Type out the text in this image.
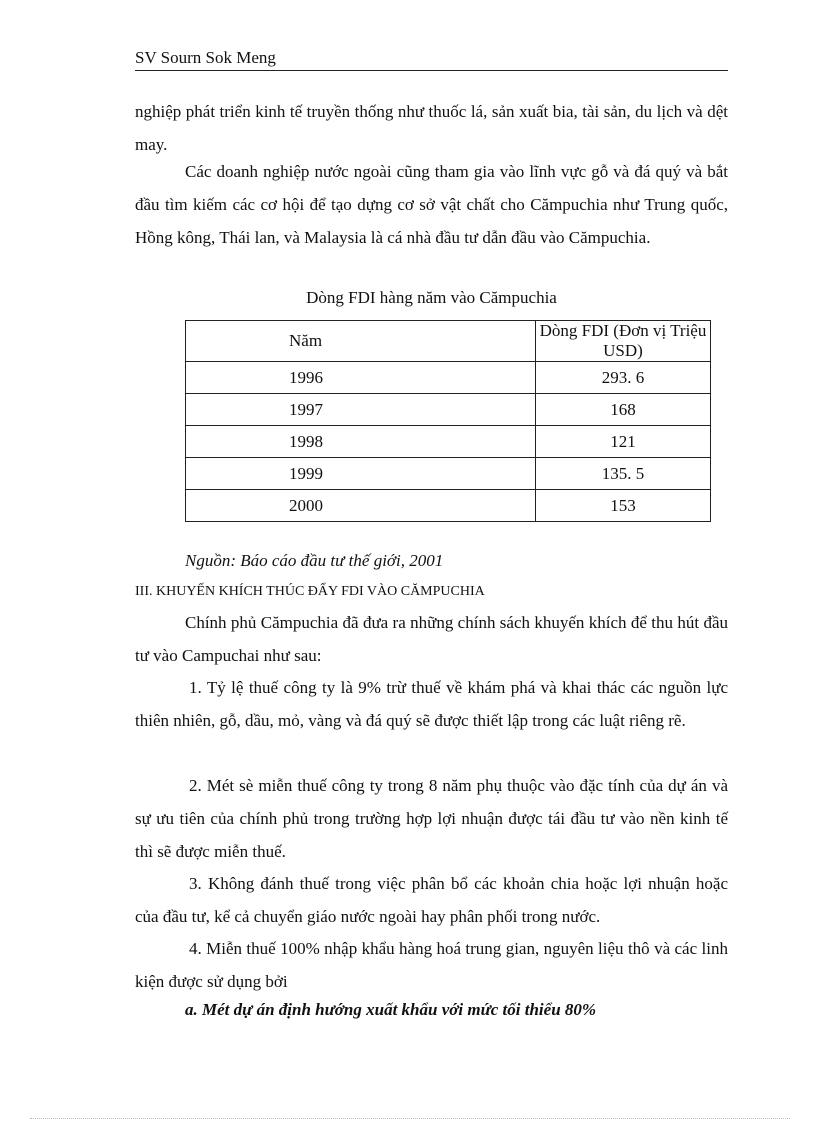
SV Sourn Sok Meng
nghiệp phát triển kinh tế truyền thống như thuốc lá, sản xuất bia, tài sản, du lịch và dệt may.
Các doanh nghiệp nước ngoài cũng tham gia vào lĩnh vực gỗ và đá quý và bắt đầu tìm kiếm các cơ hội để tạo dựng cơ sở vật chất cho Cămpuchia như Trung quốc, Hồng kông, Thái lan, và Malaysia là cá nhà đầu tư dẫn đầu vào Cămpuchia.
Dòng FDI hàng năm vào Cămpuchia
Năm	Dòng FDI (Đơn vị Triệu USD)
1996	293. 6
1997	168
1998	121
1999	135. 5
2000	153
Nguồn: Báo cáo đầu tư thế giới, 2001
III. KHUYẾN KHÍCH THÚC ĐẨY FDI VÀO CĂMPUCHIA
Chính phủ Cămpuchia đã đưa ra những chính sách khuyến khích để thu hút đầu tư vào Campuchai như sau:
1. Tỷ lệ thuế công ty là 9% trừ thuế về khám phá và khai thác các nguồn lực thiên nhiên, gỗ, dầu, mỏ, vàng và đá quý sẽ được thiết lập trong các luật riêng rẽ.
2. Mét sè miễn thuế công ty trong 8 năm phụ thuộc vào đặc tính của dự án và sự ưu tiên của chính phủ trong trường hợp lợi nhuận được tái đầu tư vào nền kinh tế thì sẽ được miễn thuế.
3. Không đánh thuế trong việc phân bổ các khoản chia hoặc lợi nhuận hoặc của đầu tư, kể cả chuyển giáo nước ngoài hay phân phối trong nước.
4. Miễn thuế 100% nhập khẩu hàng hoá trung gian, nguyên liệu thô và các linh kiện được sử dụng bởi
a. Mét dự án định hướng xuất khẩu với mức tối thiểu 80%
